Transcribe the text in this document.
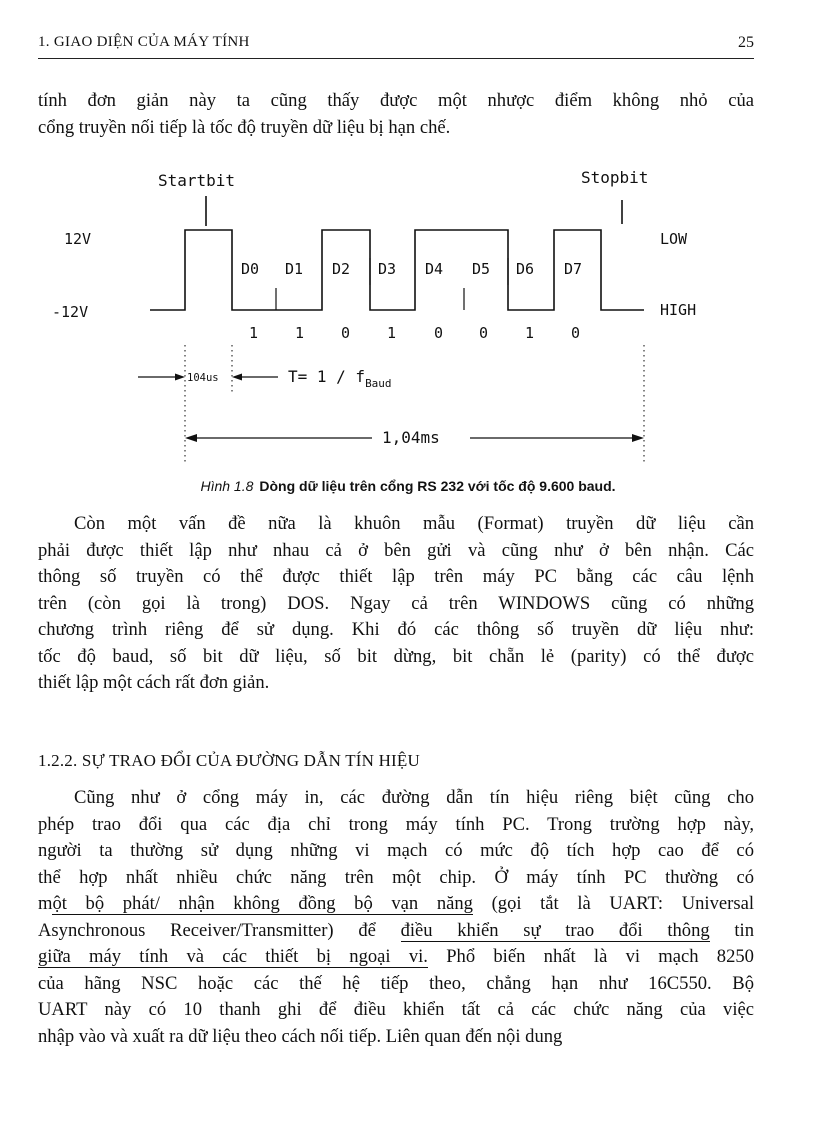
1. GIAO DIỆN CỦA MÁY TÍNH	25
tính đơn giản này ta cũng thấy được một nhược điểm không nhỏ của
cổng truyền nối tiếp là tốc độ truyền dữ liệu bị hạn chế.
Startbit	Stopbit
12V
-12V
LOW
HIGH
D0 D1 D2 D3 D4 D5 D6 D7
1 1 0 1	0 0 1 0
104us	$T= 1 / f_{Baud}$
1,04ms
Hình 1.8 Dòng dữ liệu trên cổng RS 232 với tốc độ 9.600 baud.
Còn một vấn đề nữa là khuôn mẫu (Format) truyền dữ liệu cần
phải được thiết lập như nhau cả ở bên gửi và cũng như ở bên nhận. Các
thông số truyền có thể được thiết lập trên máy PC bằng các câu lệnh
trên (còn gọi là trong) DOS. Ngay cả trên WINDOWS cũng có những
chương trình riêng để sử dụng. Khi đó các thông số truyền dữ liệu như:
tốc độ baud, số bit dữ liệu, số bit dừng, bit chẵn lẻ (parity) có thể được
thiết lập một cách rất đơn giản.
1.2.2. SỰ TRAO ĐỔI CỦA ĐƯỜNG DẪN TÍN HIỆU
Cũng như ở cổng máy in, các đường dẫn tín hiệu riêng biệt cũng cho
phép trao đổi qua các địa chỉ trong máy tính PC. Trong trường hợp này,
người ta thường sử dụng những vi mạch có mức độ tích hợp cao để có
thể hợp nhất nhiều chức năng trên một chip. Ở máy tính PC thường có
một bộ phát/ nhận không đồng bộ vạn năng (gọi tắt là UART: Universal
Asynchronous Receiver/Transmitter) để điều khiển sự trao đổi thông tin
giữa máy tính và các thiết bị ngoại vi. Phổ biến nhất là vi mạch 8250
của hãng NSC hoặc các thế hệ tiếp theo, chẳng hạn như 16C550. Bộ
UART này có 10 thanh ghi để điều khiển tất cả các chức năng của việc
nhập vào và xuất ra dữ liệu theo cách nối tiếp. Liên quan đến nội dung
